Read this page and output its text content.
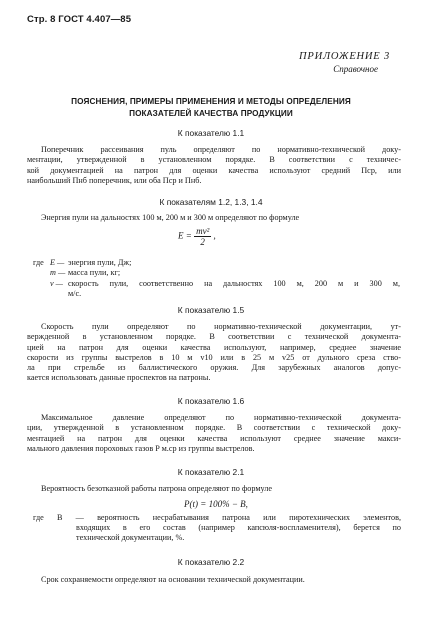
Стр. 8 ГОСТ 4.407—85
ПРИЛОЖЕНИЕ 3
Справочное
ПОЯСНЕНИЯ, ПРИМЕРЫ ПРИМЕНЕНИЯ И МЕТОДЫ ОПРЕДЕЛЕНИЯ
ПОКАЗАТЕЛЕЙ КАЧЕСТВА ПРОДУКЦИИ
К показателю 1.1
Поперечник рассеивания пуль определяют по нормативно-технической доку-
ментации, утвержденной в установленном порядке. В соответствии с техничес-
кой документацией на патрон для оценки качества используют средний Пср, или
наибольший Пнб поперечник, или оба Пср и Пнб.
К показателям 1.2, 1.3, 1.4
Энергия пули на дальностях 100 м, 200 м и 300 м определяют по формуле
$E = \frac{\text{mv²}}{2}$ ,
где E — энергия пули, Дж;
m — масса пули, кг;
v — скорость пули, соответственно на дальностях 100 м, 200 м и 300 м,
м/с.
К показателю 1.5
Скорость пули определяют по нормативно-технической документации, ут-
вержденной в установленном порядке. В соответствии с технической документа-
цией на патрон для оценки качества используют, например, среднее значение
скорости из группы выстрелов в 10 м v10 или в 25 м v25 от дульного среза ство-
ла при стрельбе из баллистического оружия. Для зарубежных аналогов допус-
кается использовать данные проспектов на патроны.
К показателю 1.6
Максимальное давление определяют по нормативно-технической документа-
ции, утвержденной в установленном порядке. В соответствии с технической доку-
ментацией на патрон для оценки качества используют среднее значение макси-
мального давления пороховых газов P м.ср из группы выстрелов.
К показателю 2.1
Вероятность безотказной работы патрона определяют по формуле
P(t) = 100% − B,
где B — вероятность несрабатывания патрона или пиротехнических элементов,
входящих в его состав (например капсюля-воспламенителя), берется по
технической документации, %.
К показателю 2.2
Срок сохраняемости определяют на основании технической документации.
